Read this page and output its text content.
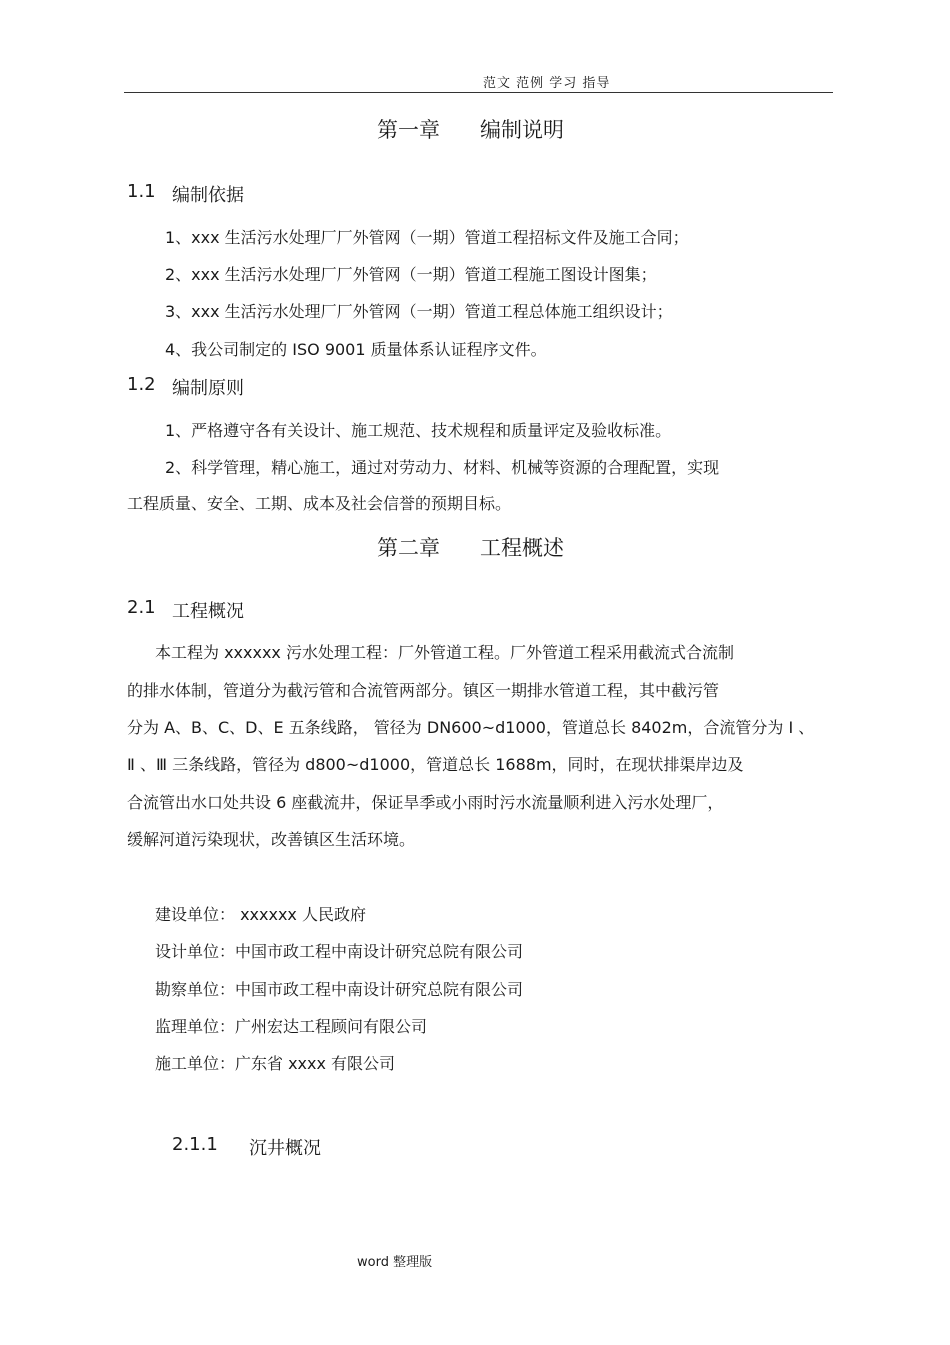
范文 范例 学习 指导
第一章 编制说明
1.1 编制依据
1、xxx 生活污水处理厂厂外管网（一期）管道工程招标文件及施工合同；
2、xxx 生活污水处理厂厂外管网（一期）管道工程施工图设计图集；
3、xxx 生活污水处理厂厂外管网（一期）管道工程总体施工组织设计；
4、我公司制定的 ISO 9001 质量体系认证程序文件。
1.2 编制原则
1、严格遵守各有关设计、施工规范、技术规程和质量评定及验收标准。
2、科学管理，精心施工，通过对劳动力、材料、机械等资源的合理配置，实现
工程质量、安全、工期、成本及社会信誉的预期目标。
第二章 工程概述
2.1 工程概况
本工程为 xxxxxx 污水处理工程：厂外管道工程。厂外管道工程采用截流式合流制
的排水体制，管道分为截污管和合流管两部分。镇区一期排水管道工程，其中截污管
分为 A、B、C、D、E 五条线路， 管径为 DN600~d1000，管道总长 8402m，合流管分为 Ⅰ 、
Ⅱ 、Ⅲ 三条线路，管径为 d800~d1000，管道总长 1688m，同时，在现状排渠岸边及
合流管出水口处共设 6 座截流井，保证旱季或小雨时污水流量顺利进入污水处理厂，
缓解河道污染现状，改善镇区生活环境。
建设单位： xxxxxx 人民政府
设计单位：中国市政工程中南设计研究总院有限公司
勘察单位：中国市政工程中南设计研究总院有限公司
监理单位：广州宏达工程顾问有限公司
施工单位：广东省 xxxx 有限公司
2.1.1 沉井概况
word 整理版
